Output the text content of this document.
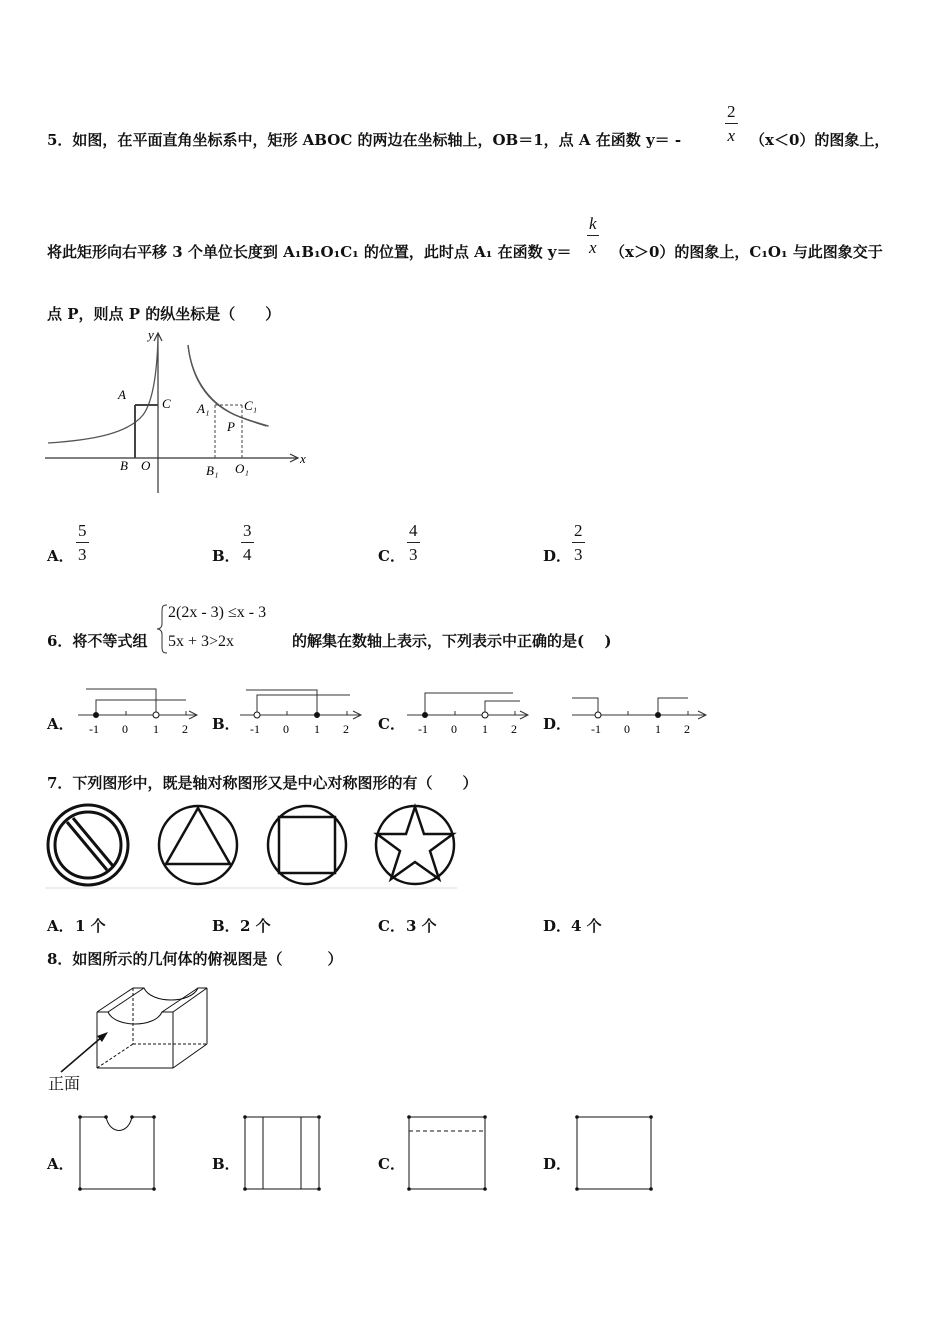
5．如图，在平面直角坐标系中，矩形 ABOC 的两边在坐标轴上，OB＝1，点 A 在函数 y＝ -
2
x （x＜0）的图象上，
将此矩形向右平移 3 个单位长度到 A₁B₁O₁C₁ 的位置，此时点 A₁ 在函数 y＝
k
x （x＞0）的图象上，C₁O₁ 与此图象交于
点 P，则点 P 的纵坐标是（　　）
y
x
A
C
B O
A₁	C₁
P
B₁ O₁
A．
5
3	B．
3
4	C．
4
3	D．
2
3
6．将不等式组
2(2x - 3) ≤x - 3
5x + 3>2x	的解集在数轴上表示，下列表示中正确的是(　 )
A． -1 0 1 2 B． -1 0 1 2 C． -1 0 1 2 D． -1 0 1 2
7．下列图形中，既是轴对称图形又是中心对称图形的有（　　）
A． 1 个	B． 2 个	C． 3 个	D． 4 个
8．如图所示的几何体的俯视图是（　　　）
正面
A．	B．	C．	D．
